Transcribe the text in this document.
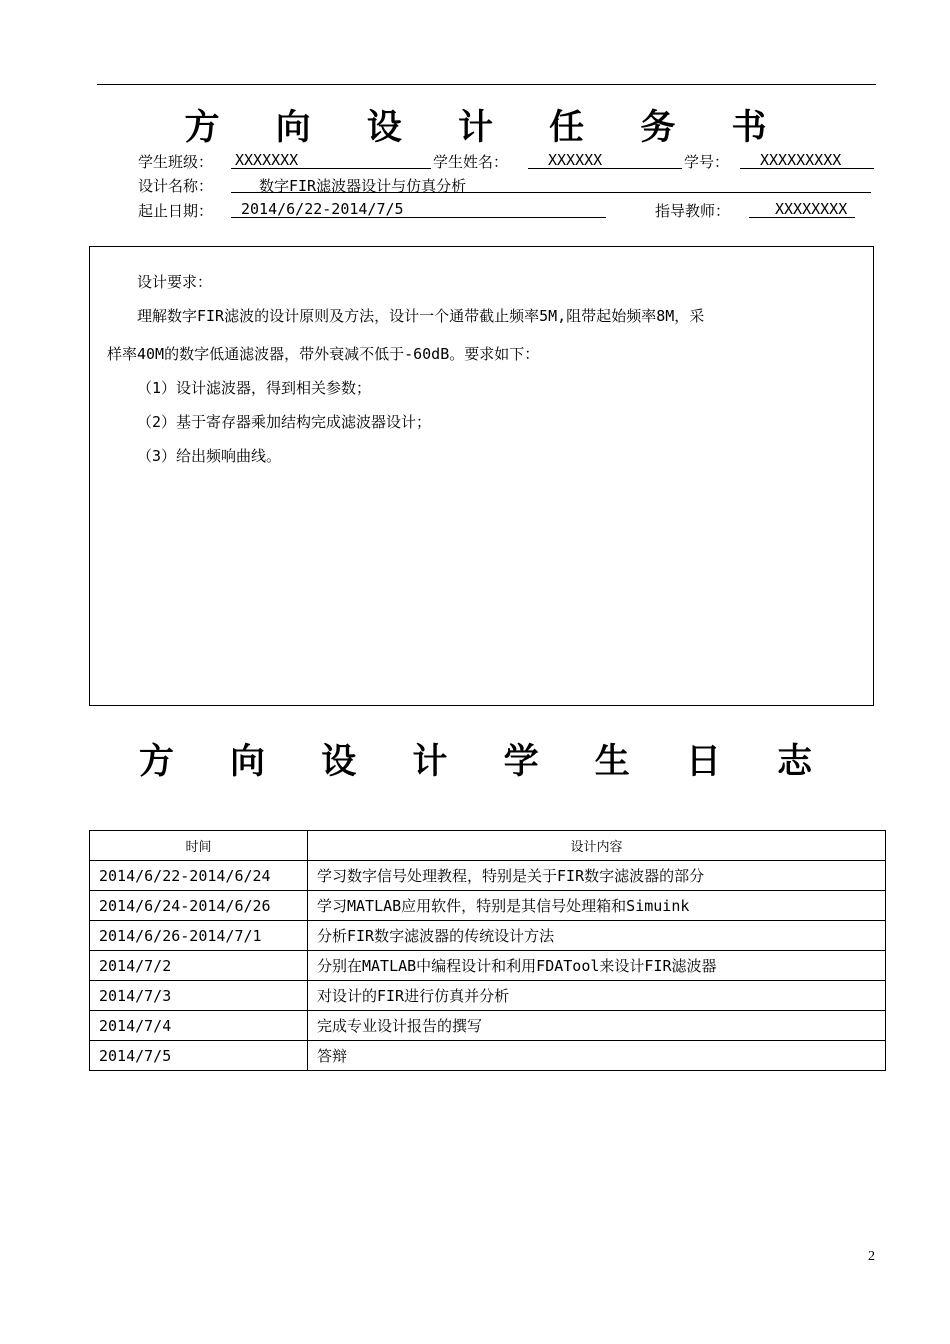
方 向 设 计 任 务 书
学生班级： XXXXXXX	学生姓名：	XXXXXX	学号：	XXXXXXXXX
设计名称：	数字FIR滤波器设计与仿真分析
起止日期：	2014/6/22-2014/7/5	指导教师：	XXXXXXXX
设计要求：
理解数字FIR滤波的设计原则及方法，设计一个通带截止频率5M,阻带起始频率8M，采
样率40M的数字低通滤波器，带外衰减不低于-60dB。要求如下：
（1）设计滤波器，得到相关参数；
（2）基于寄存器乘加结构完成滤波器设计；
（3）给出频响曲线。
方 向 设 计 学 生 日 志
时间	设计内容
2014/6/22-2014/6/24	学习数字信号处理教程，特别是关于FIR数字滤波器的部分
2014/6/24-2014/6/26	学习MATLAB应用软件，特别是其信号处理箱和Simuink
2014/6/26-2014/7/1	分析FIR数字滤波器的传统设计方法
2014/7/2	分别在MATLAB中编程设计和利用FDATool来设计FIR滤波器
2014/7/3	对设计的FIR进行仿真并分析
2014/7/4	完成专业设计报告的撰写
2014/7/5	答辩
2
